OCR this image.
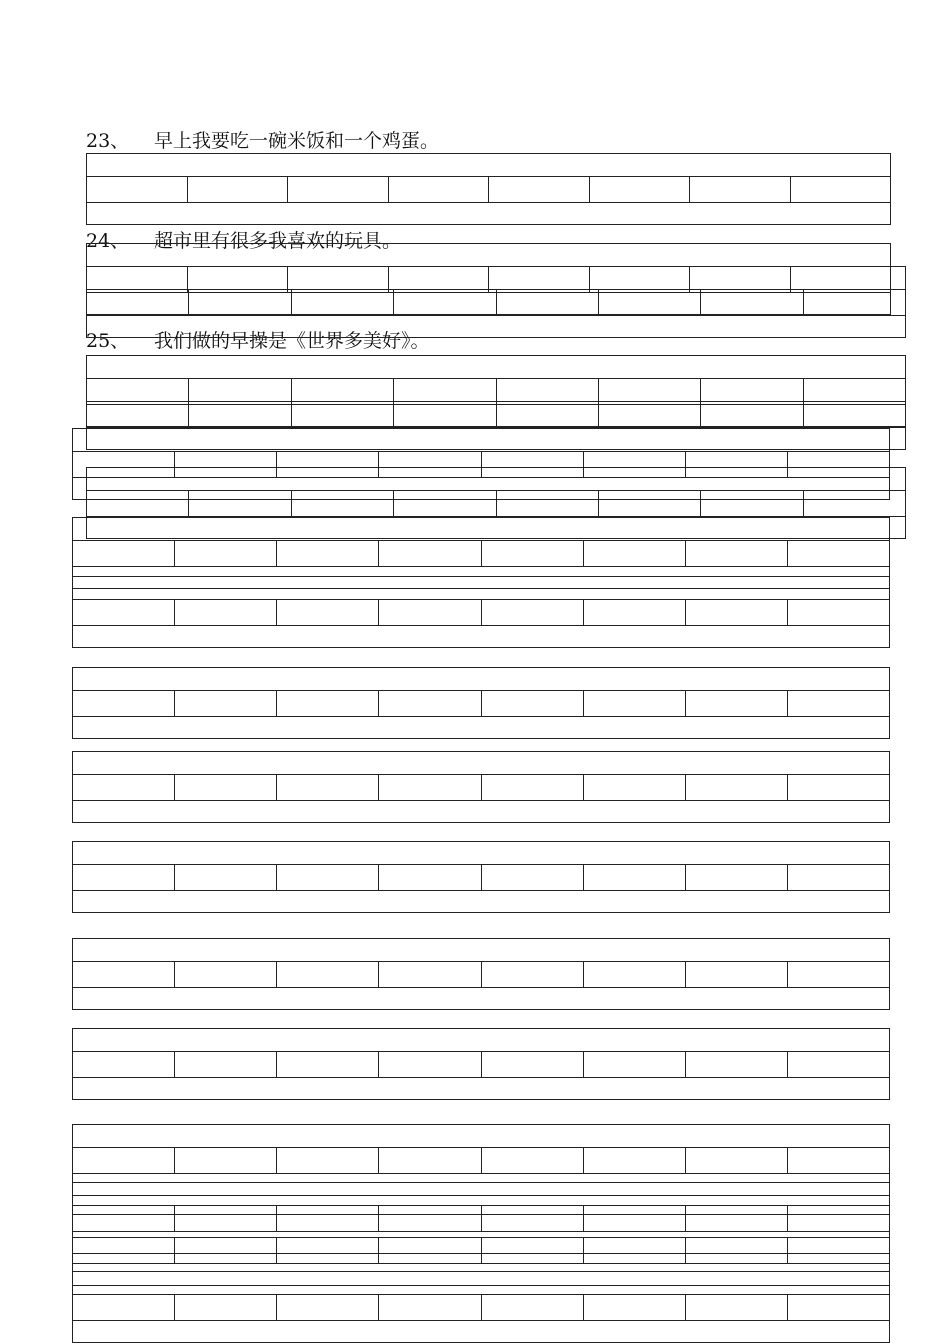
23、 早上我要吃一碗米饭和一个鸡蛋。
24、 超市里有很多我喜欢的玩具。
25、 我们做的早操是《世界多美好》。
